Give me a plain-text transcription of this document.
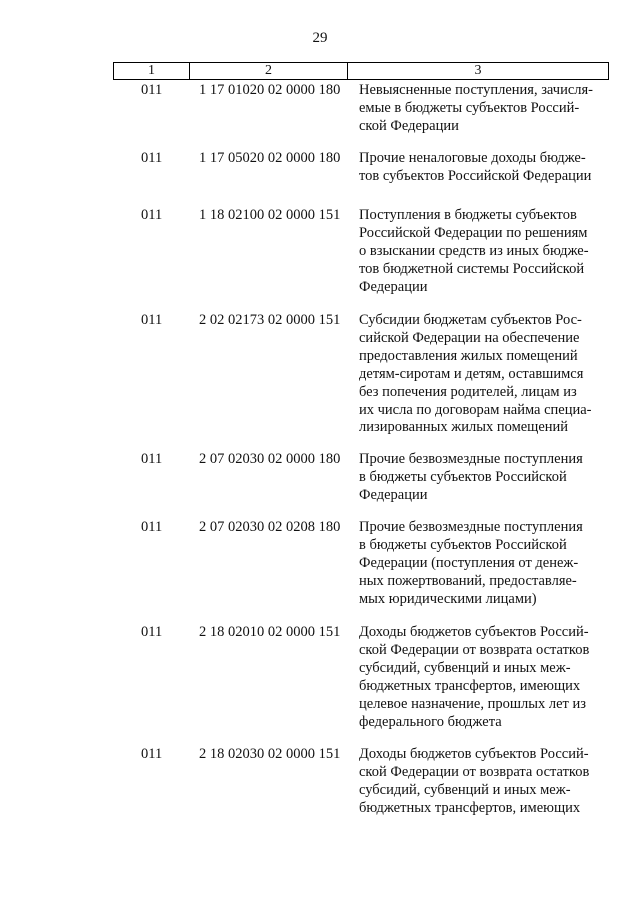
29
1	2	3
011	1 17 01020 02 0000 180 Невыясненные поступления, зачисля-
емые в бюджеты субъектов Россий-
ской Федерации
011	1 17 05020 02 0000 180 Прочие неналоговые доходы бюдже-
тов субъектов Российской Федерации
011	1 18 02100 02 0000 151 Поступления в бюджеты субъектов
Российской Федерации по решениям
о взыскании средств из иных бюдже-
тов бюджетной системы Российской
Федерации
011	2 02 02173 02 0000 151 Субсидии бюджетам субъектов Рос-
сийской Федерации на обеспечение
предоставления жилых помещений
детям-сиротам и детям, оставшимся
без попечения родителей, лицам из
их числа по договорам найма специа-
лизированных жилых помещений
011	2 07 02030 02 0000 180 Прочие безвозмездные поступления
в бюджеты субъектов Российской
Федерации
011	2 07 02030 02 0208 180 Прочие безвозмездные поступления
в бюджеты субъектов Российской
Федерации (поступления от денеж-
ных пожертвований, предоставляе-
мых юридическими лицами)
011	2 18 02010 02 0000 151 Доходы бюджетов субъектов Россий-
ской Федерации от возврата остатков
субсидий, субвенций и иных меж-
бюджетных трансфертов, имеющих
целевое назначение, прошлых лет из
федерального бюджета
011	2 18 02030 02 0000 151 Доходы бюджетов субъектов Россий-
ской Федерации от возврата остатков
субсидий, субвенций и иных меж-
бюджетных трансфертов, имеющих
